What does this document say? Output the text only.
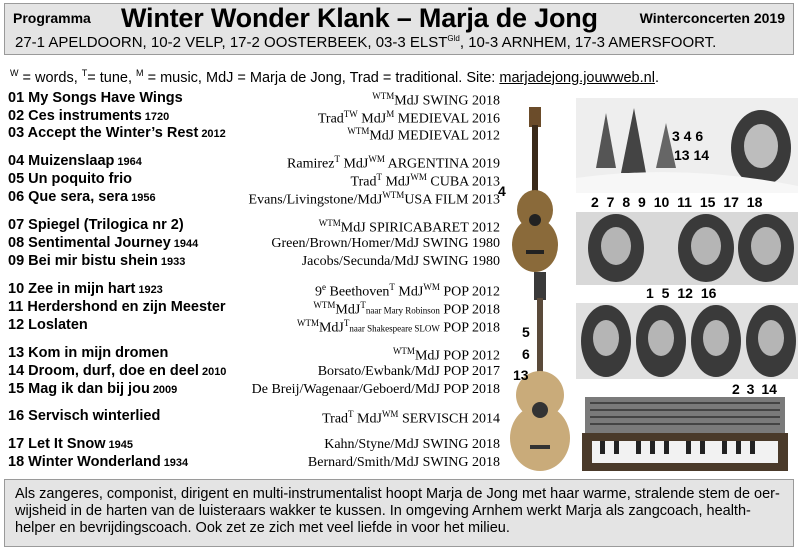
Programma Winter Wonder Klank – Marja de Jong	Winterconcerten 2019
27-1 APELDOORN, 10-2 VELP, 17-2 OOSTERBEEK, 03-3 $ELST^{Gld}$, 10-3 ARNHEM, 17-3 AMERSFOORT.
$^W$ = words, $^T$= tune, $^M$ = music, MdJ = Marja de Jong, Trad = traditional. Site: marjadejong.jouwweb.nl.
01 My Songs Have Wings	$^{WTM}$MdJ SWING 2018
02 Ces instruments 1720	Trad$^{TW}$ MdJ$^M$ MEDIEVAL 2016
03 Accept the Winter’s Rest 2012	$^{WTM}$MdJ MEDIEVAL 2012
04 Muizenslaap 1964	Ramirez$^T$ MdJ$^{WM}$ ARGENTINA 2019
05 Un poquito frio	Trad$^T$ MdJ$^{WM}$ CUBA 2013
06 Que sera, sera 1956	Evans/Livingstone/MdJ$^{WTM}$USA FILM 2013
07 Spiegel (Trilogica nr 2)	$^{WTM}$MdJ SPIRICABARET 2012
08 Sentimental Journey 1944	Green/Brown/Homer/MdJ SWING 1980
09 Bei mir bistu shein 1933	Jacobs/Secunda/MdJ SWING 1980
10 Zee in mijn hart 1923	9e Beethoven$^T$ MdJ$^{WM}$ POP 2012
11 Herdershond en zijn Meester	$^{WTM}$MdJ$^T$naar Mary Robinson POP 2018
12 Loslaten	$^{WTM}$MdJ$^T$naar Shakespeare SLOW POP 2018
13 Kom in mijn dromen	$^{WTM}$MdJ POP 2012
14 Droom, durf, doe en deel 2010	Borsato/Ewbank/MdJ POP 2017
15 Mag ik dan bij jou 2009	De Breij/Wagenaar/Geboerd/MdJ POP 2018
16 Servisch winterlied	Trad$^T$ MdJ$^{WM}$ SERVISCH 2014
17 Let It Snow 1945	Kahn/Styne/MdJ SWING 2018
18 Winter Wonderland 1934	Bernard/Smith/MdJ SWING 2018
4
5
6
13
3 4 6
13 14
2 7 8 9 10 11 15 17 18
1 5 12 16
2 3 14
Als zangeres, componist, dirigent en multi-instrumentalist hoopt Marja de Jong met haar warme, stralende stem de oer-wijsheid in de harten van de luisteraars wakker te kussen. In omgeving Arnhem werkt Marja als zangcoach, health-helper en bevrijdingscoach. Ook zet ze zich met veel liefde in voor het milieu.
